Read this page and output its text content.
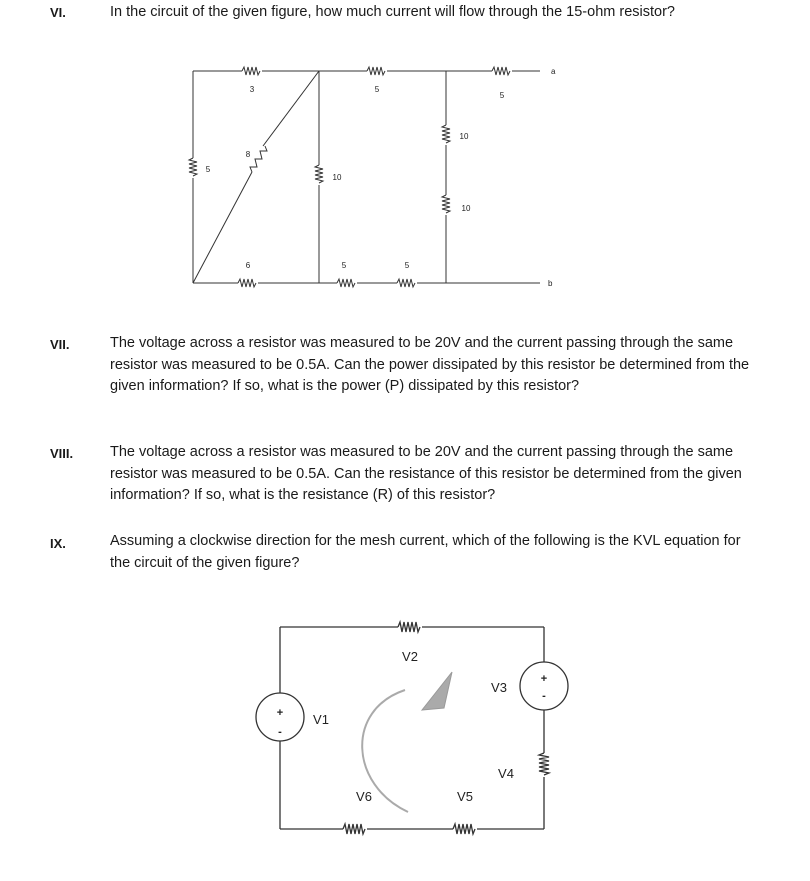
VI.	In the circuit of the given figure, how much current will flow through the 15-ohm resistor?
VII.	The voltage across a resistor was measured to be 20V and the current passing through the same resistor was measured to be 0.5A. Can the power dissipated by this resistor be determined from the given information? If so, what is the power (P) dissipated by this resistor?
VIII.	The voltage across a resistor was measured to be 20V and the current passing through the same resistor was measured to be 0.5A. Can the resistance of this resistor be determined from the given information? If so, what is the resistance (R) of this resistor?
IX.	Assuming a clockwise direction for the mesh current, which of the following is the KVL equation for the circuit of the given figure?
3	5
5
5
8
10
10
10
6	5	5
a
b
V2
V3
V1
V4
V6	V5
+
-
+
-
